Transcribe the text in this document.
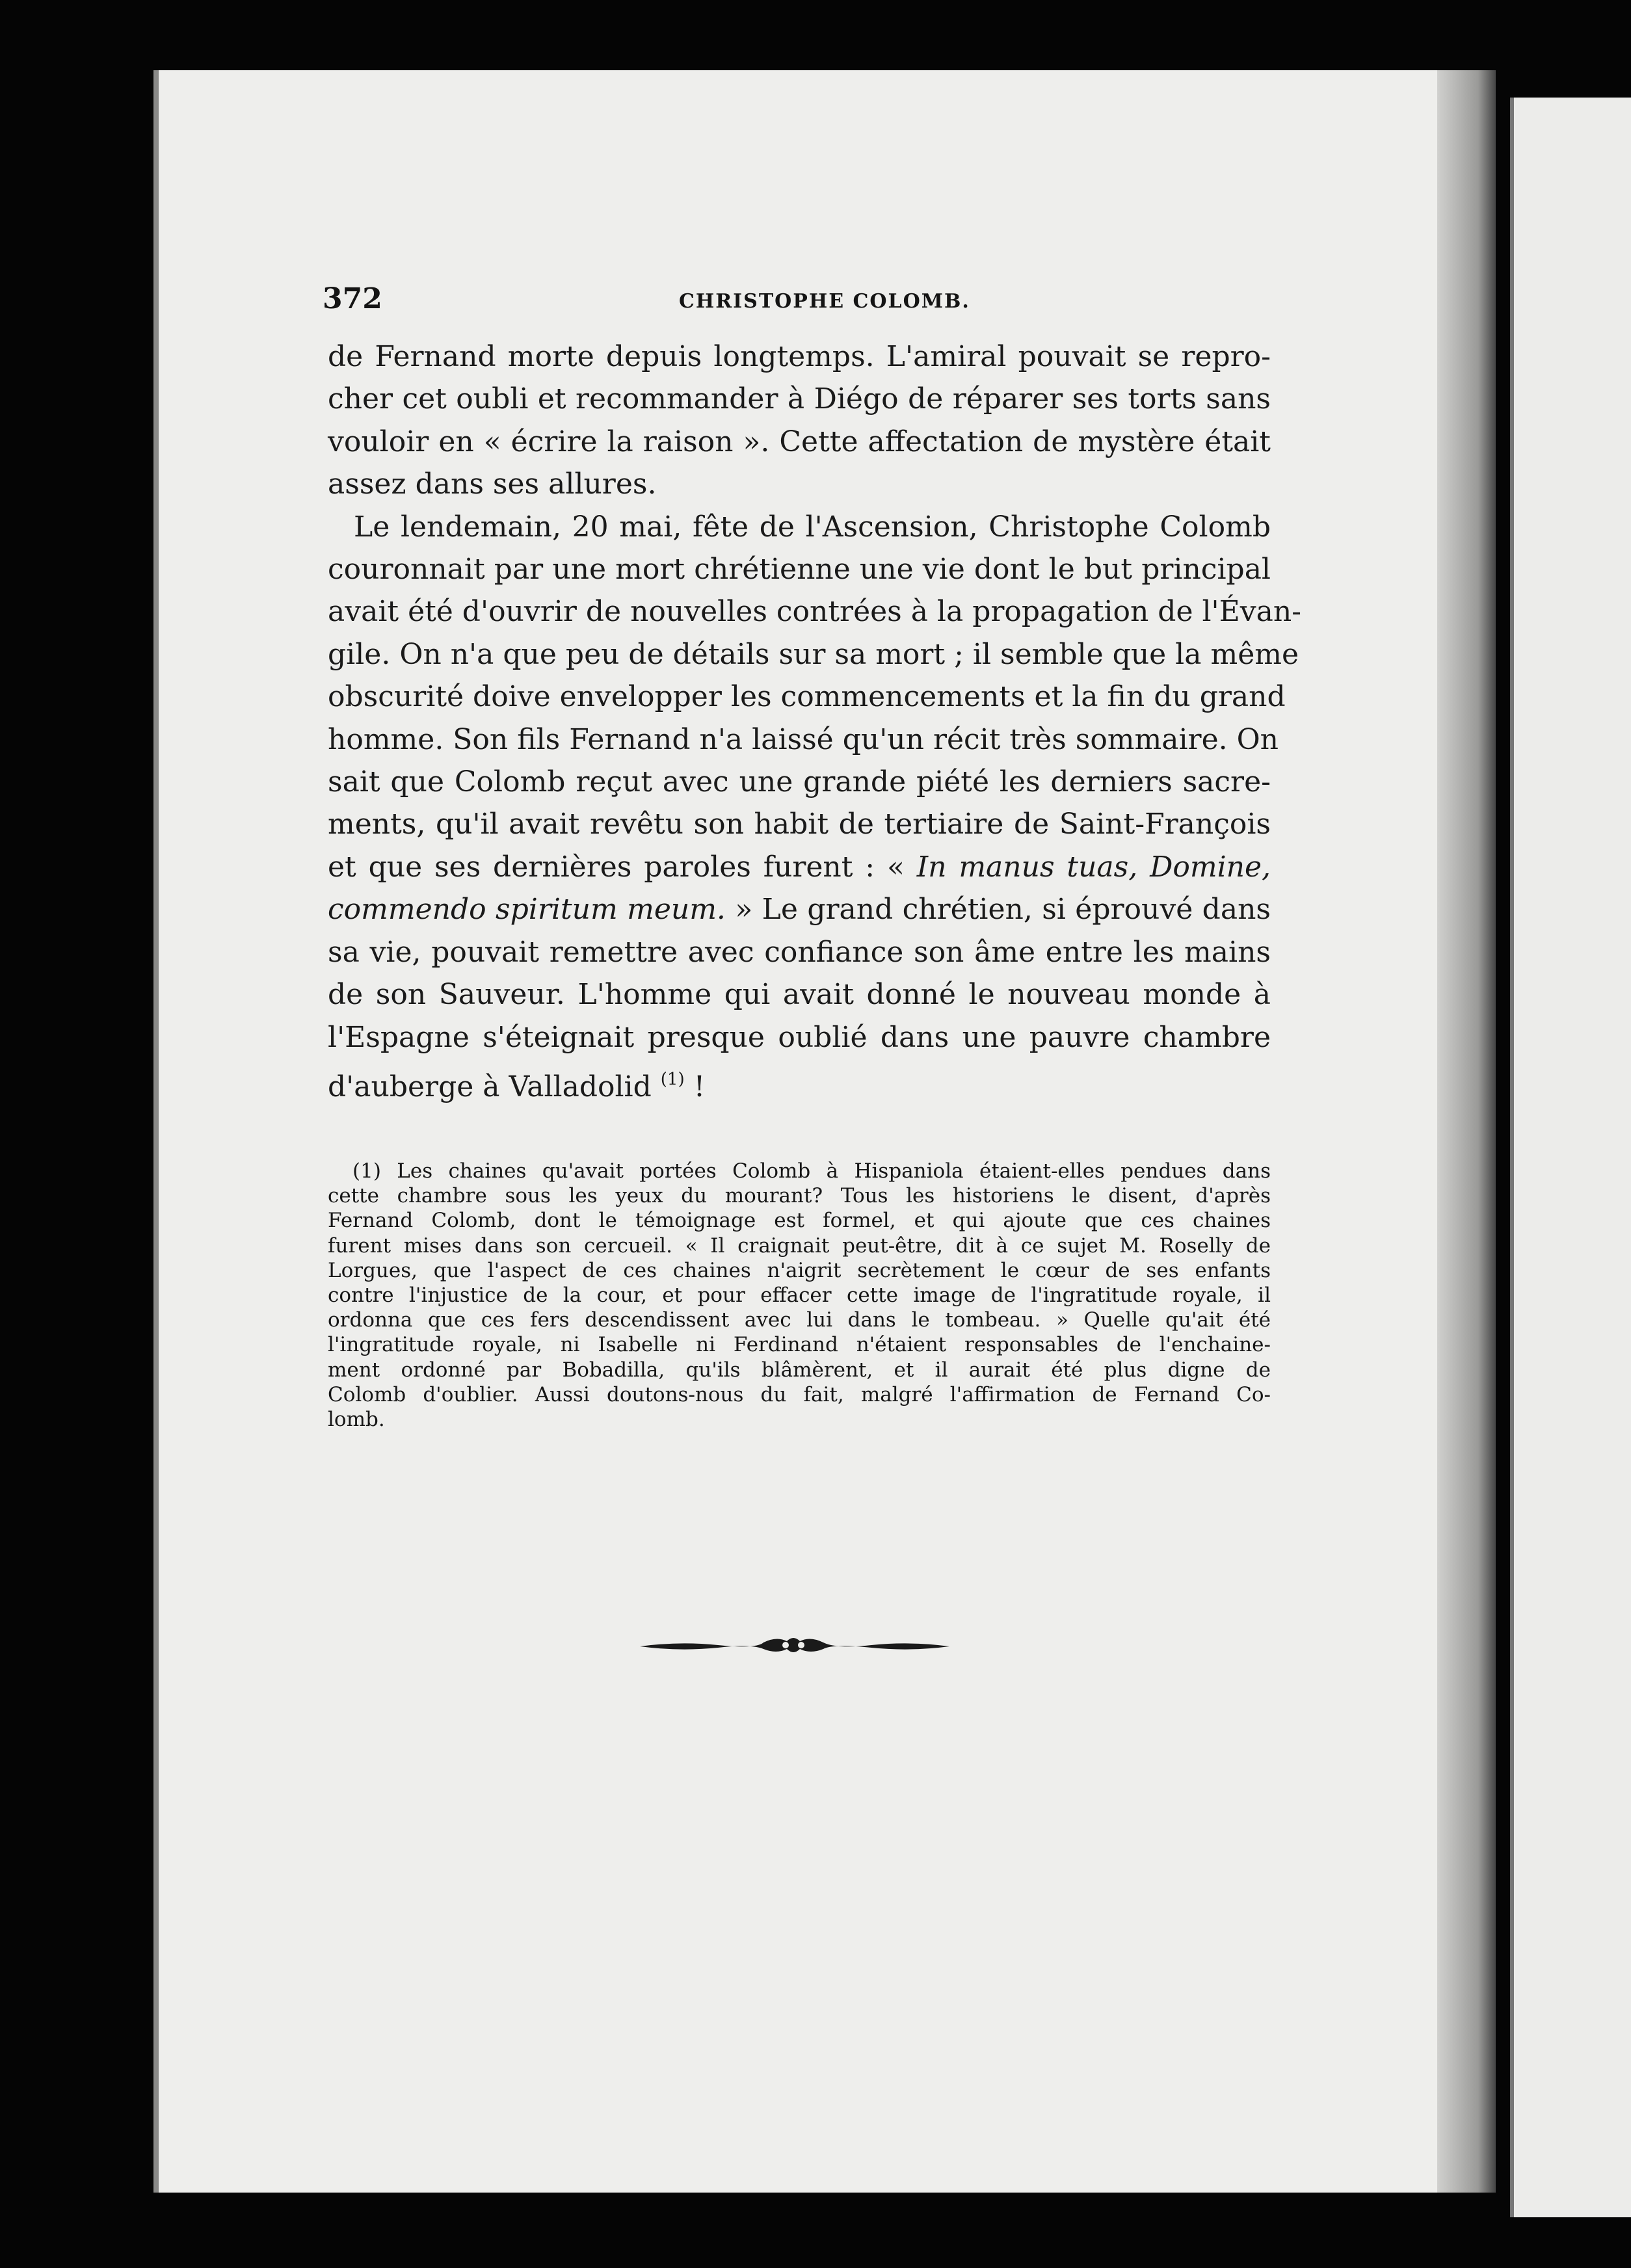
372	CHRISTOPHE COLOMB.

de Fernand morte depuis longtemps. L'amiral pouvait se repro-
cher cet oubli et recommander à Diégo de réparer ses torts sans
vouloir en « écrire la raison ». Cette affectation de mystère était
assez dans ses allures.

Le lendemain, 20 mai, fête de l'Ascension, Christophe Colomb
couronnait par une mort chrétienne une vie dont le but principal
avait été d'ouvrir de nouvelles contrées à la propagation de l'Évan-
gile. On n'a que peu de détails sur sa mort ; il semble que la même
obscurité doive envelopper les commencements et la fin du grand
homme. Son fils Fernand n'a laissé qu'un récit très sommaire. On
sait que Colomb reçut avec une grande piété les derniers sacre-
ments, qu'il avait revêtu son habit de tertiaire de Saint-François
et que ses dernières paroles furent : « In manus tuas, Domine,
commendo spiritum meum. » Le grand chrétien, si éprouvé dans
sa vie, pouvait remettre avec confiance son âme entre les mains
de son Sauveur. L'homme qui avait donné le nouveau monde à
l'Espagne s'éteignait presque oublié dans une pauvre chambre
d'auberge à Valladolid $^{(1)}$ !

(1) Les chaines qu'avait portées Colomb à Hispaniola étaient-elles pendues dans
cette chambre sous les yeux du mourant? Tous les historiens le disent, d'après
Fernand Colomb, dont le témoignage est formel, et qui ajoute que ces chaines
furent mises dans son cercueil. « Il craignait peut-être, dit à ce sujet M. Roselly de
Lorgues, que l'aspect de ces chaines n'aigrit secrètement le cœur de ses enfants
contre l'injustice de la cour, et pour effacer cette image de l'ingratitude royale, il
ordonna que ces fers descendissent avec lui dans le tombeau. » Quelle qu'ait été
l'ingratitude royale, ni Isabelle ni Ferdinand n'étaient responsables de l'enchaine-
ment ordonné par Bobadilla, qu'ils blâmèrent, et il aurait été plus digne de
Colomb d'oublier. Aussi doutons-nous du fait, malgré l'affirmation de Fernand Co-
lomb.
